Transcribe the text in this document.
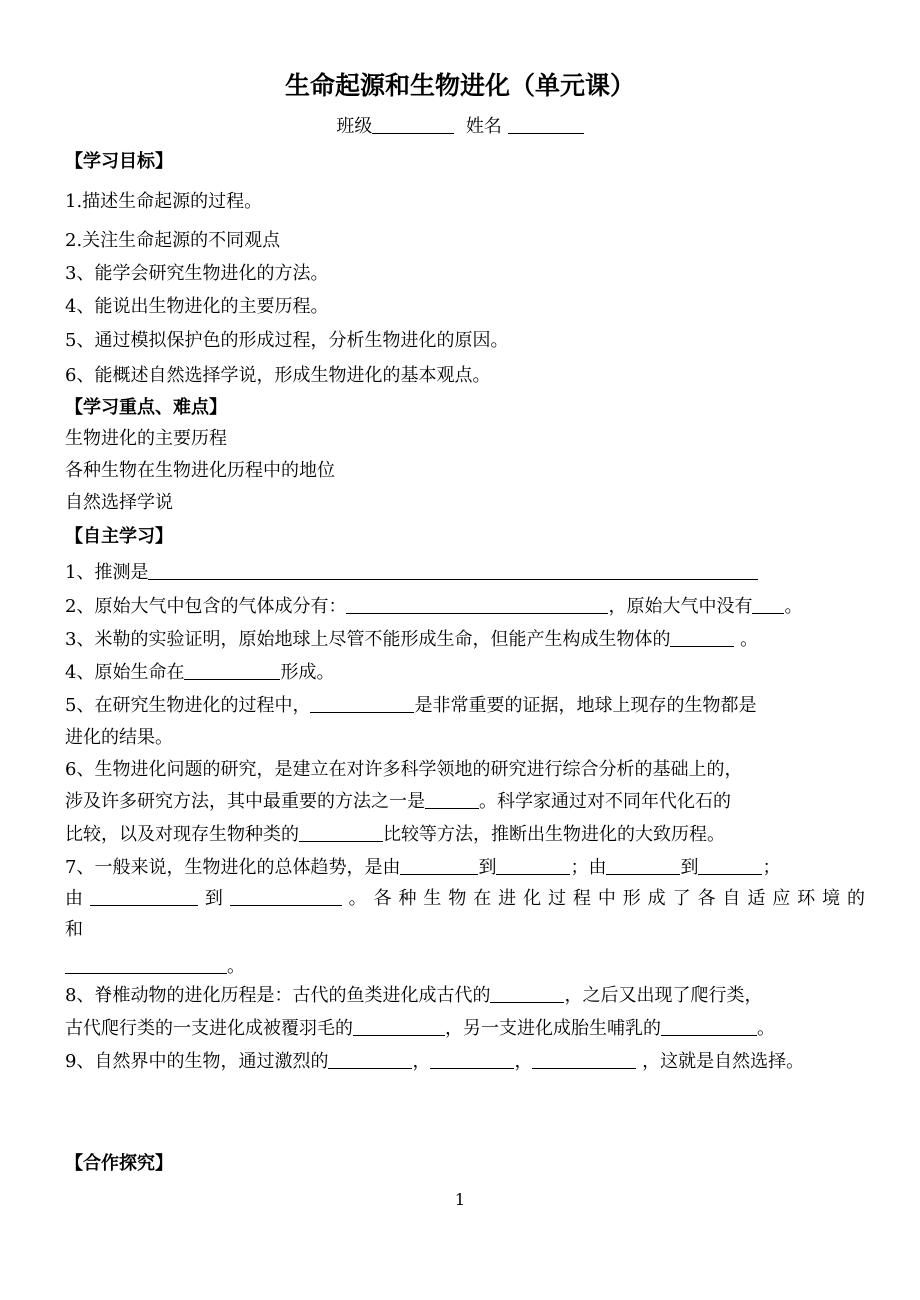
生命起源和生物进化（单元课）
班级	姓名
【学习目标】
1.描述生命起源的过程。
2.关注生命起源的不同观点
3、能学会研究生物进化的方法。
4、能说出生物进化的主要历程。
5、通过模拟保护色的形成过程，分析生物进化的原因。
6、能概述自然选择学说，形成生物进化的基本观点。
【学习重点、难点】
生物进化的主要历程
各种生物在生物进化历程中的地位
自然选择学说
【自主学习】
1、推测是
2、原始大气中包含的气体成分有：	，原始大气中没有 。
3、米勒的实验证明，原始地球上尽管不能形成生命，但能产生构成生物体的	。
4、原始生命在	形成。
5、在研究生物进化的过程中，	是非常重要的证据，地球上现存的生物都是
进化的结果。
6、生物进化问题的研究，是建立在对许多科学领地的研究进行综合分析的基础上的，
涉及许多研究方法，其中最重要的方法之一是	。科学家通过对不同年代化石的
比较，以及对现存生物种类的	比较等方法，推断出生物进化的大致历程。
7、一般来说，生物进化的总体趋势，是由	到	；由	到	；
由	到	。各种生物在进化过程中形成了各自适应环境的
和
。
8、脊椎动物的进化历程是：古代的鱼类进化成古代的	，之后又出现了爬行类，
古代爬行类的一支进化成被覆羽毛的	，另一支进化成胎生哺乳的	。
9、自然界中的生物，通过激烈的	，	，	，这就是自然选择。
【合作探究】
1
